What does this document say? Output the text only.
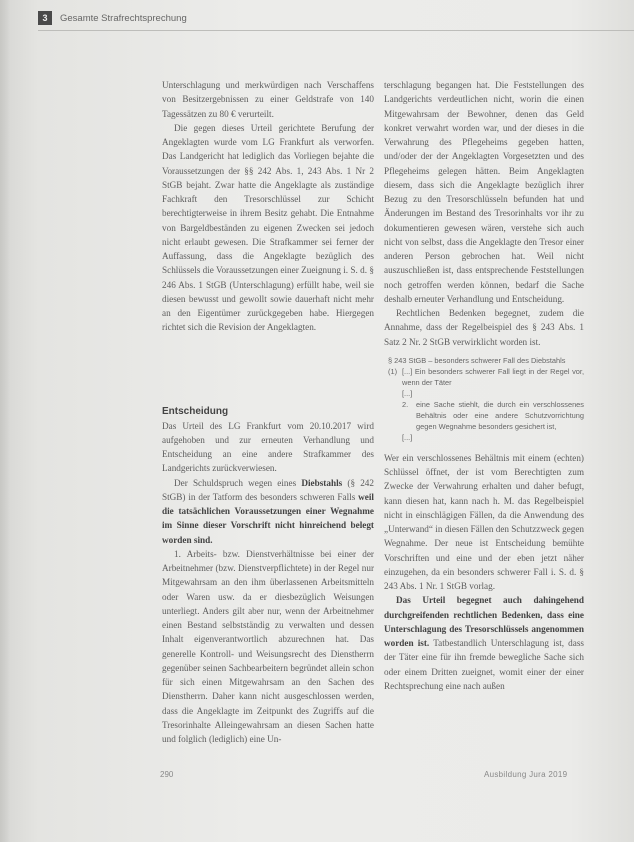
3	Gesamte Strafrechtsprechung

Unterschlagung und merkwürdigen nach Verschaffens von Besitzergebnissen zu einer Geldstrafe von 140 Tagessätzen zu 80 € verurteilt.

Die gegen dieses Urteil gerichtete Berufung der Angeklagten wurde vom LG Frankfurt als verworfen. Das Landgericht hat lediglich das Vorliegen bejahte die Voraussetzungen der §§ 242 Abs. 1, 243 Abs. 1 Nr 2 StGB bejaht. Zwar hatte die Angeklagte als zuständige Fachkraft den Tresorschlüssel zur Schicht berechtigterweise in ihrem Besitz gehabt. Die Entnahme von Bargeldbeständen zu eigenen Zwecken sei jedoch nicht erlaubt gewesen. Die Strafkammer sei ferner der Auffassung, dass die Angeklagte bezüglich des Schlüssels die Voraussetzungen einer Zueignung i. S. d. § 246 Abs. 1 StGB (Unterschlagung) erfüllt habe, weil sie diesen bewusst und gewollt sowie dauerhaft nicht mehr an den Eigentümer zurückgegeben habe. Hiergegen richtet sich die Revision der Angeklagten.

Entscheidung

Das Urteil des LG Frankfurt vom 20.10.2017 wird aufgehoben und zur erneuten Verhandlung und Entscheidung an eine andere Strafkammer des Landgerichts zurückverwiesen.

Der Schuldspruch wegen eines Diebstahls (§ 242 StGB) in der Tatform des besonders schweren Falls weil die tatsächlichen Voraussetzungen einer Wegnahme im Sinne dieser Vorschrift nicht hinreichend belegt worden sind.

1. Arbeits- bzw. Dienstverhältnisse bei einer der Arbeitnehmer (bzw. Dienstverpflichtete) in der Regel nur Mitgewahrsam an den ihm überlassenen Arbeitsmitteln oder Waren usw. da er diesbezüglich Weisungen unterliegt. Anders gilt aber nur, wenn der Arbeitnehmer einen Bestand selbstständig zu verwalten und dessen Inhalt eigenverantwortlich abzurechnen hat. Das generelle Kontroll- und Weisungsrecht des Dienstherrn gegenüber seinen Sachbearbeitern begründet allein schon für sich einen Mitgewahrsam an den Sachen des Dienstherrn. Daher kann nicht ausgeschlossen werden, dass die Angeklagte im Zeitpunkt des Zugriffs auf die Tresorinhalte Alleingewahrsam an diesen Sachen hatte und folglich (lediglich) eine Un-

terschlagung begangen hat. Die Feststellungen des Landgerichts verdeutlichen nicht, worin die einen Mitgewahrsam der Bewohner, denen das Geld konkret verwahrt worden war, und der dieses in die Verwahrung des Pflegeheims gegeben hatten, und/oder der der Angeklagten Vorgesetzten und des Pflegeheims gelegen hätten. Beim Angeklagten diesem, dass sich die Angeklagte bezüglich ihrer Bezug zu den Tresorschlüsseln befunden hat und Änderungen im Bestand des Tresorinhalts vor ihr zu dokumentieren gewesen wären, verstehe sich auch nicht von selbst, dass die Angeklagte den Tresor einer anderen Person gebrochen hat. Weil nicht auszuschließen ist, dass entsprechende Feststellungen noch getroffen werden können, bedarf die Sache deshalb erneuter Verhandlung und Entscheidung.

Rechtlichen Bedenken begegnet, zudem die Annahme, dass der Regelbeispiel des § 243 Abs. 1 Satz 2 Nr. 2 StGB verwirklicht worden ist.

§ 243 StGB – besonders schwerer Fall des Diebstahls
(1) [...] Ein besonders schwerer Fall liegt in der Regel vor, wenn der Täter
[...]
2.	eine Sache stiehlt, die durch ein verschlossenes Behältnis oder eine andere Schutzvorrichtung gegen Wegnahme besonders gesichert ist,
[...]

Wer ein verschlossenes Behältnis mit einem (echten) Schlüssel öffnet, der ist vom Berechtigten zum Zwecke der Verwahrung erhalten und daher befugt, kann diesen hat, kann nach h. M. das Regelbeispiel nicht in einschlägigen Fällen, da die Anwendung des „Unterwand“ in diesen Fällen den Schutzzweck gegen Wegnahme. Der neue ist Entscheidung bemühte Vorschriften und eine und der eben jetzt näher einzugehen, da ein besonders schwerer Fall i. S. d. § 243 Abs. 1 Nr. 1 StGB vorlag.

Das Urteil begegnet auch dahingehend durchgreifenden rechtlichen Bedenken, dass eine Unterschlagung des Tresorschlüssels angenommen worden ist. Tatbestandlich Unterschlagung ist, dass der Täter eine für ihn fremde bewegliche Sache sich oder einem Dritten zueignet, womit einer der einer Rechtsprechung eine nach außen

290	Ausbildung Jura 2019
